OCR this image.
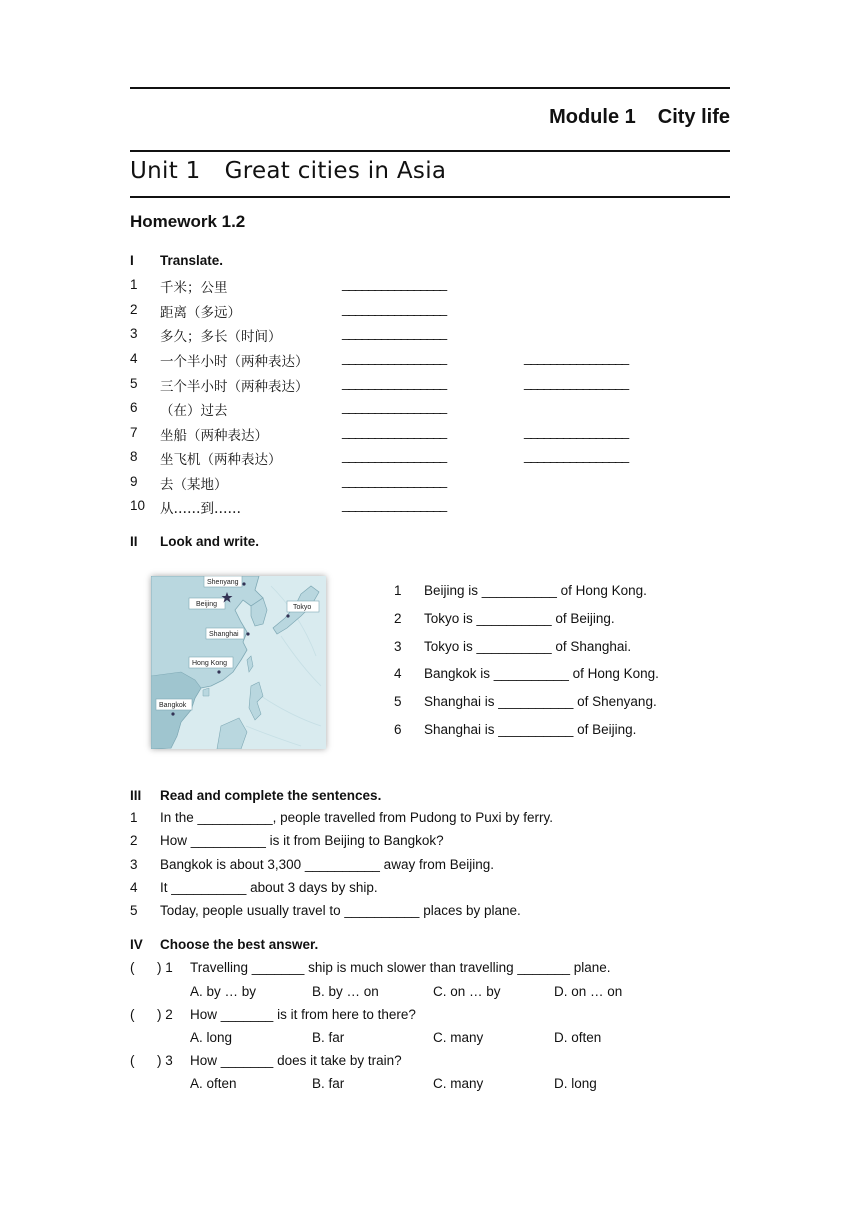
Module 1 City life
Unit 1 Great cities in Asia
Homework 1.2
I Translate.
1 千米；公里	________________
2 距离（多远）	________________
3 多久；多长（时间）	________________
4 一个半小时（两种表达） ________________	________________
5 三个半小时（两种表达） ________________	________________
6 （在）过去	________________
7 坐船（两种表达）	________________	________________
8 坐飞机（两种表达）	________________	________________
9 去（某地）	________________
10 从……到……	________________
II Look and write.
Shenyang
Beijing	Tokyo
Shanghai
Hong Kong
Bangkok
1 Beijing is __________ of Hong Kong.
2 Tokyo is __________ of Beijing.
3 Tokyo is __________ of Shanghai.
4 Bangkok is __________ of Hong Kong.
5 Shanghai is __________ of Shenyang.
6 Shanghai is __________ of Beijing.
III Read and complete the sentences.
1 In the __________, people travelled from Pudong to Puxi by ferry.
2 How __________ is it from Beijing to Bangkok?
3 Bangkok is about 3,300 __________ away from Beijing.
4 It __________ about 3 days by ship.
5 Today, people usually travel to __________ places by plane.
IV Choose the best answer.
( ) 1 Travelling _______ ship is much slower than travelling _______ plane.
A. by … by	B. by … on	C. on … by	D. on … on
( ) 2 How _______ is it from here to there?
A. long	B. far	C. many	D. often
( ) 3 How _______ does it take by train?
A. often	B. far	C. many	D. long
